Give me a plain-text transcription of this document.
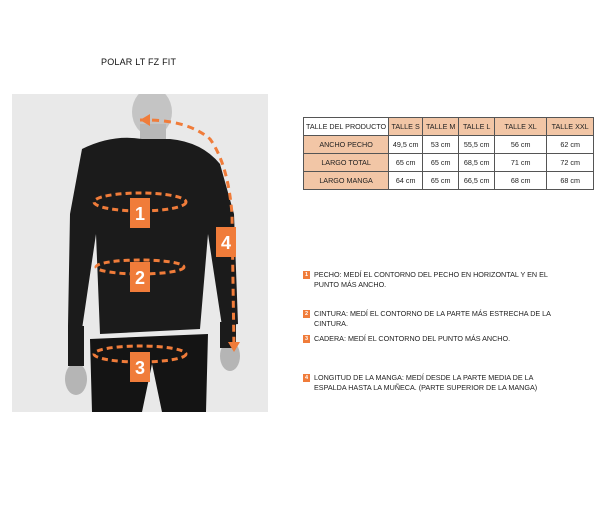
POLAR LT FZ FIT
1
2
3
4
TALLE DEL PRODUCTO	TALLE S	TALLE M	TALLE L	TALLE XL	TALLE XXL
ANCHO PECHO	49,5 cm	53 cm	55,5 cm	56 cm	62 cm
LARGO TOTAL	65 cm	65 cm	68,5 cm	71 cm	72 cm
LARGO MANGA	64 cm	65 cm	66,5 cm	68 cm	68 cm
1 PECHO: MEDÍ EL CONTORNO DEL PECHO EN HORIZONTAL Y EN EL PUNTO MÁS ANCHO.
2 CINTURA: MEDÍ EL CONTORNO DE LA PARTE MÁS ESTRECHA DE LA CINTURA.
3 CADERA: MEDÍ EL CONTORNO DEL PUNTO MÁS ANCHO.
4 LONGITUD DE LA MANGA: MEDÍ DESDE LA PARTE MEDIA DE LA ESPALDA HASTA LA MUÑECA. (PARTE SUPERIOR DE LA MANGA)
